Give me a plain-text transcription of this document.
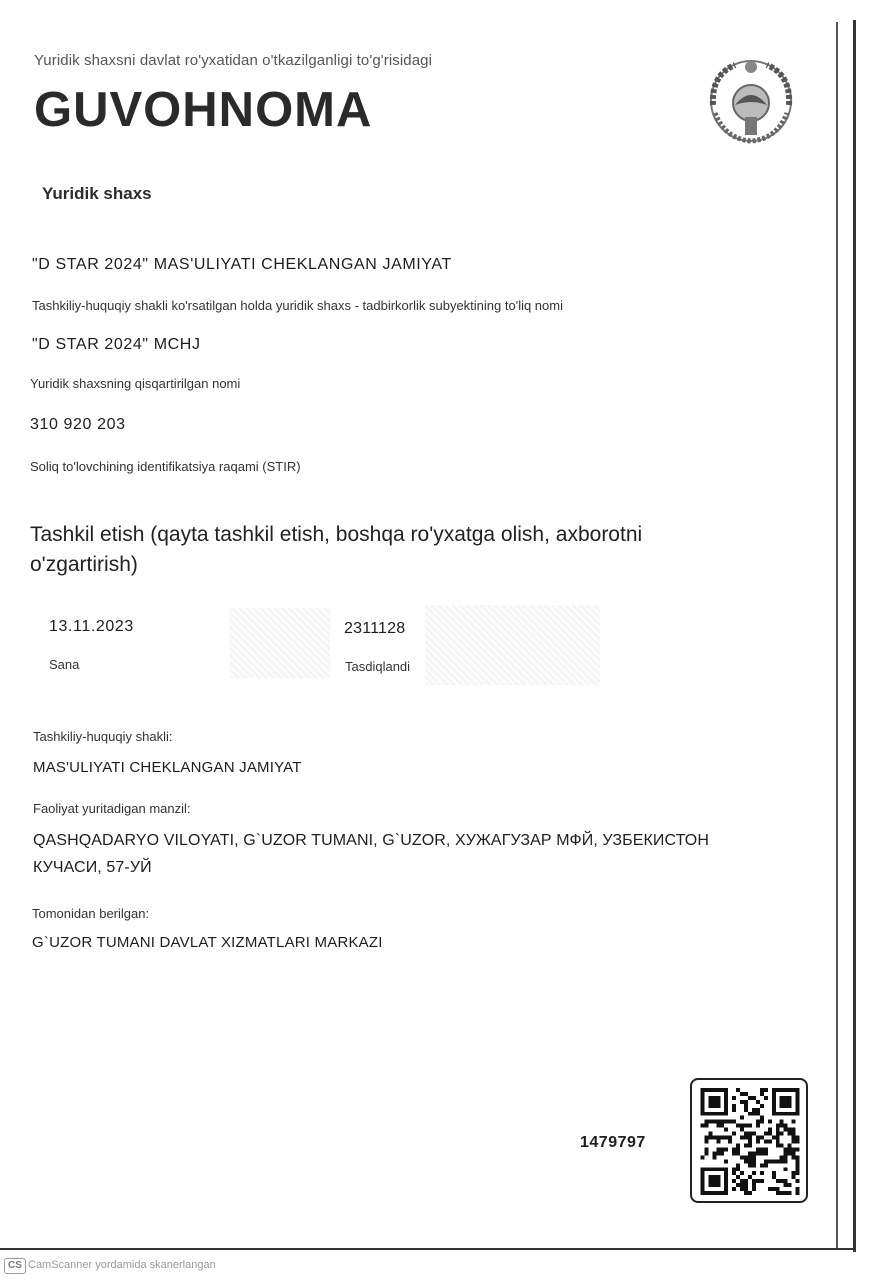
Yuridik shaxsni davlat ro'yxatidan o'tkazilganligi to'g'risidagi
GUVOHNOMA
Yuridik shaxs
"D STAR 2024" MAS'ULIYATI CHEKLANGAN JAMIYAT
Tashkiliy-huquqiy shakli ko'rsatilgan holda yuridik shaxs - tadbirkorlik subyektining to'liq nomi
"D STAR 2024" MCHJ
Yuridik shaxsning qisqartirilgan nomi
310 920 203
Soliq to'lovchining identifikatsiya raqami (STIR)
Tashkil etish (qayta tashkil etish, boshqa ro'yxatga olish, axborotni o'zgartirish)
13.11.2023
Sana
2311128
Tasdiqlandi
Tashkiliy-huquqiy shakli:
MAS'ULIYATI CHEKLANGAN JAMIYAT
Faoliyat yuritadigan manzil:
QASHQADARYO VILOYATI, G`UZOR TUMANI, G`UZOR, ХУЖАГУЗАР МФЙ, УЗБЕКИСТОН
КУЧАСИ, 57-УЙ
Tomonidan berilgan:
G`UZOR TUMANI DAVLAT XIZMATLARI MARKAZI
1479797
CS CamScanner yordamida skanerlangan
